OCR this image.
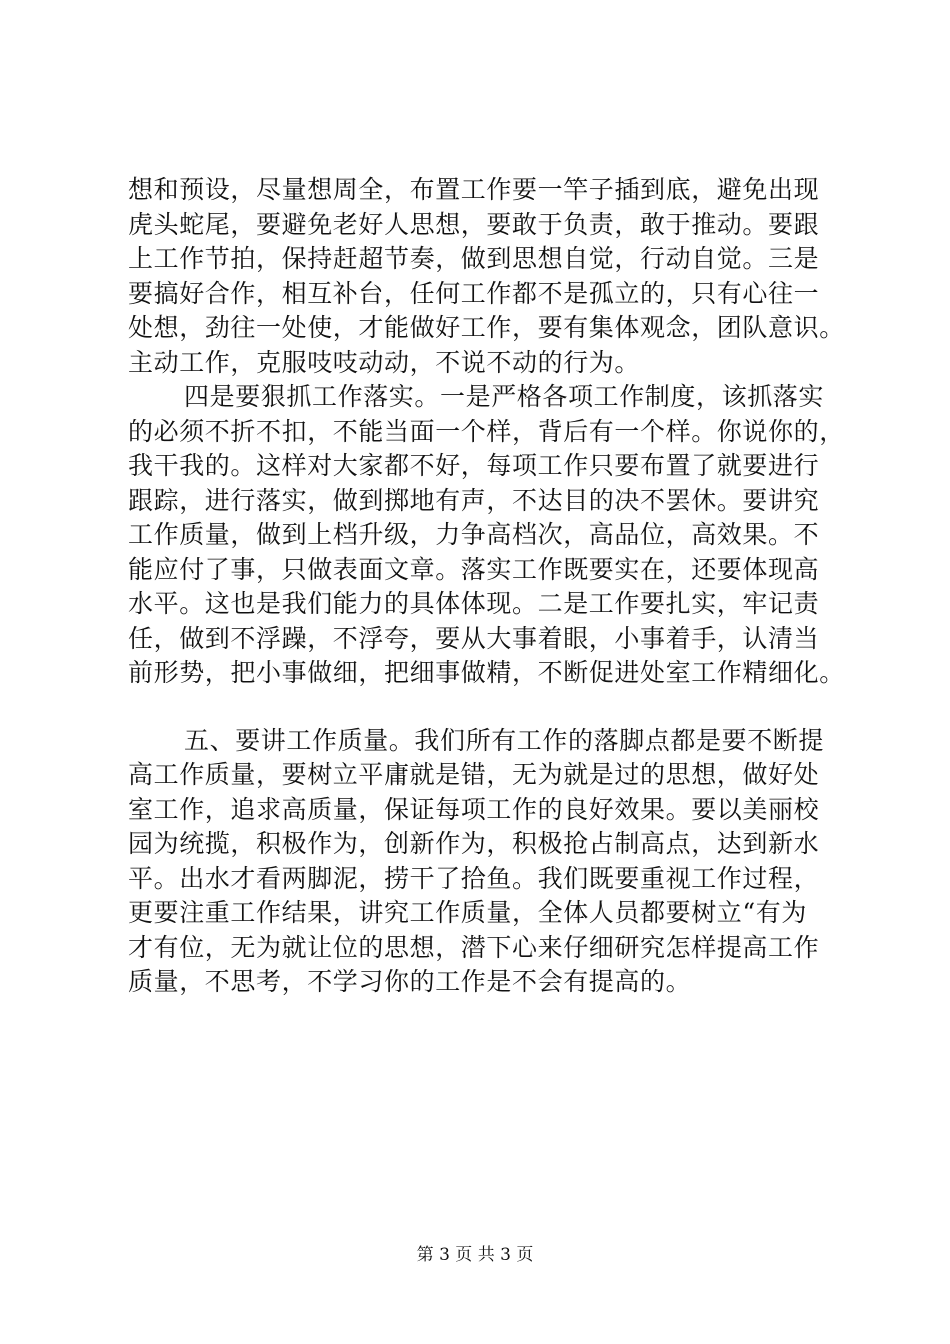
想和预设，尽量想周全，布置工作要一竿子插到底，避免出现
虎头蛇尾，要避免老好人思想，要敢于负责，敢于推动。要跟
上工作节拍，保持赶超节奏，做到思想自觉，行动自觉。三是
要搞好合作，相互补台，任何工作都不是孤立的，只有心往一
处想，劲往一处使，才能做好工作，要有集体观念，团队意识。
主动工作，克服吱吱动动，不说不动的行为。
四是要狠抓工作落实。一是严格各项工作制度，该抓落实
的必须不折不扣，不能当面一个样，背后有一个样。你说你的，
我干我的。这样对大家都不好，每项工作只要布置了就要进行
跟踪，进行落实，做到掷地有声，不达目的决不罢休。要讲究
工作质量，做到上档升级，力争高档次，高品位，高效果。不
能应付了事，只做表面文章。落实工作既要实在，还要体现高
水平。这也是我们能力的具体体现。二是工作要扎实，牢记责
任，做到不浮躁，不浮夸，要从大事着眼，小事着手，认清当
前形势，把小事做细，把细事做精，不断促进处室工作精细化。
五、要讲工作质量。我们所有工作的落脚点都是要不断提
高工作质量，要树立平庸就是错，无为就是过的思想，做好处
室工作，追求高质量，保证每项工作的良好效果。要以美丽校
园为统揽，积极作为，创新作为，积极抢占制高点，达到新水
平。出水才看两脚泥，捞干了拾鱼。我们既要重视工作过程，
更要注重工作结果，讲究工作质量，全体人员都要树立“有为
才有位，无为就让位的思想，潜下心来仔细研究怎样提高工作
质量，不思考，不学习你的工作是不会有提高的。
第 3 页 共 3 页
